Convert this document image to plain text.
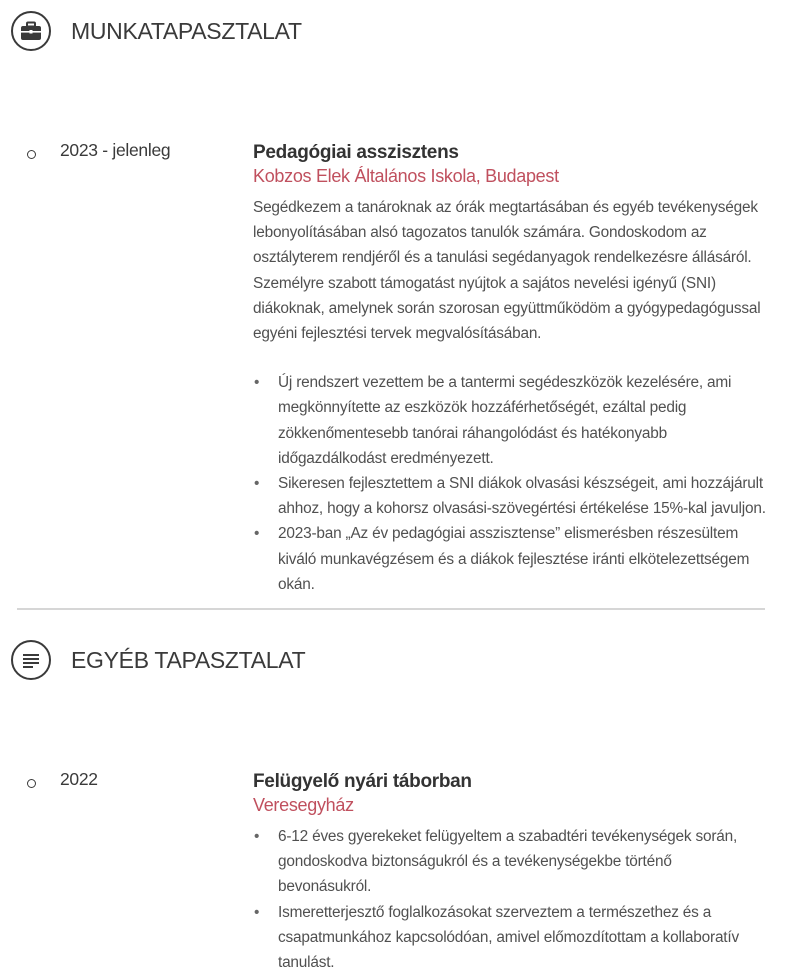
MUNKATAPASZTALAT
2023 - jelenleg	Pedagógiai asszisztens
Kobzos Elek Általános Iskola, Budapest
Segédkezem a tanároknak az órák megtartásában és egyéb tevékenységek lebonyolításában alsó tagozatos tanulók számára. Gondoskodom az osztályterem rendjéről és a tanulási segédanyagok rendelkezésre állásáról. Személyre szabott támogatást nyújtok a sajátos nevelési igényű (SNI) diákoknak, amelynek során szorosan együttműködöm a gyógypedagógussal egyéni fejlesztési tervek megvalósításában.
• Új rendszert vezettem be a tantermi segédeszközök kezelésére, ami megkönnyítette az eszközök hozzáférhetőségét, ezáltal pedig zökkenőmentesebb tanórai ráhangolódást és hatékonyabb időgazdálkodást eredményezett.
• Sikeresen fejlesztettem a SNI diákok olvasási készségeit, ami hozzájárult ahhoz, hogy a kohorsz olvasási-szövegértési értékelése 15%-kal javuljon.
• 2023-ban „Az év pedagógiai asszisztense” elismerésben részesültem kiváló munkavégzésem és a diákok fejlesztése iránti elkötelezettségem okán.
EGYÉB TAPASZTALAT
2022	Felügyelő nyári táborban
Veresegyház
• 6-12 éves gyerekeket felügyeltem a szabadtéri tevékenységek során, gondoskodva biztonságukról és a tevékenységekbe történő bevonásukról.
• Ismeretterjesztő foglalkozásokat szerveztem a természethez és a csapatmunkához kapcsolódóan, amivel előmozdítottam a kollaboratív tanulást.
